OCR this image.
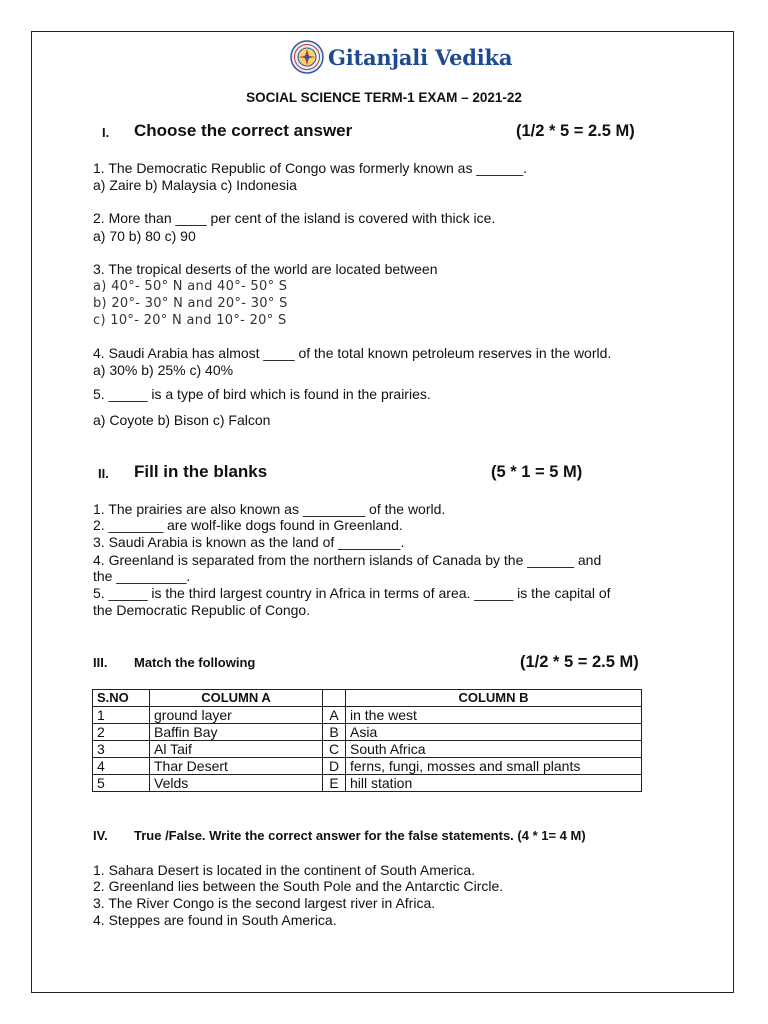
Gitanjali Vedika
SOCIAL SCIENCE TERM-1 EXAM – 2021-22
I. Choose the correct answer	(1/2 * 5 = 2.5 M)
1. The Democratic Republic of Congo was formerly known as ______.
a) Zaire b) Malaysia c) Indonesia
2. More than ____ per cent of the island is covered with thick ice.
a) 70 b) 80 c) 90
3. The tropical deserts of the world are located between
a) 40°- 50° N and 40°- 50° S
b) 20°- 30° N and 20°- 30° S
c) 10°- 20° N and 10°- 20° S
4. Saudi Arabia has almost ____ of the total known petroleum reserves in the world.
a) 30% b) 25% c) 40%
5. _____ is a type of bird which is found in the prairies.
a) Coyote b) Bison c) Falcon
II. Fill in the blanks	(5 * 1 = 5 M)
1. The prairies are also known as ________ of the world.
2. _______ are wolf-like dogs found in Greenland.
3. Saudi Arabia is known as the land of ________.
4. Greenland is separated from the northern islands of Canada by the ______ and
the _________.
5. _____ is the third largest country in Africa in terms of area. _____ is the capital of
the Democratic Republic of Congo.
III. Match the following	(1/2 * 5 = 2.5 M)
S.NO	COLUMN A		COLUMN B
1	ground layer	A	in the west
2	Baffin Bay	B	Asia
3	Al Taif	C	South Africa
4	Thar Desert	D	ferns, fungi, mosses and small plants
5	Velds	E	hill station
IV. True /False. Write the correct answer for the false statements. (4 * 1= 4 M)
1. Sahara Desert is located in the continent of South America.
2. Greenland lies between the South Pole and the Antarctic Circle.
3. The River Congo is the second largest river in Africa.
4. Steppes are found in South America.
